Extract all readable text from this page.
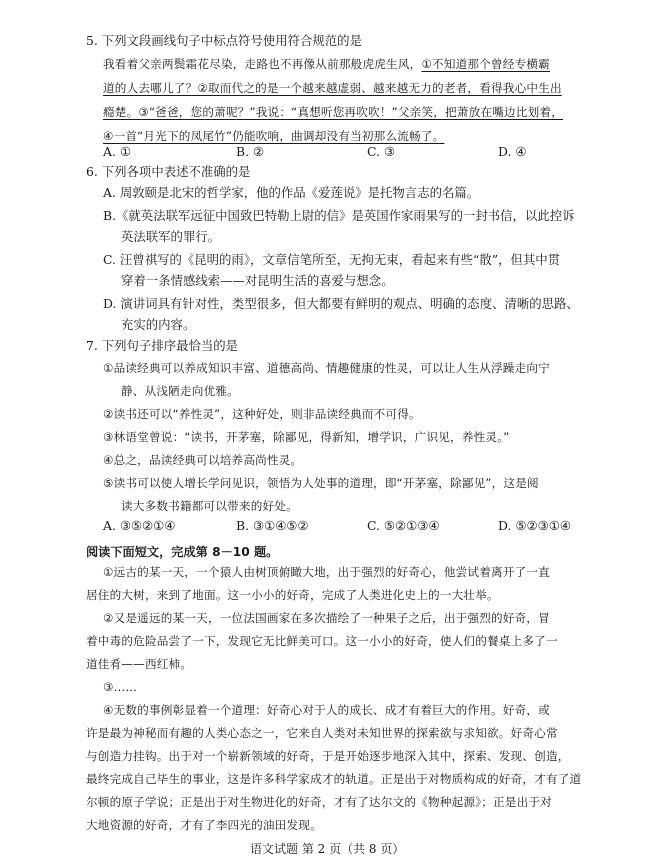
5. 下列文段画线句子中标点符号使用符合规范的是
我看着父亲两鬓霜花尽染，走路也不再像从前那般虎虎生风，①不知道那个曾经专横霸
道的人去哪儿了？②取而代之的是一个越来越虚弱、越来越无力的老者，看得我心中生出
瘾楚。③“爸爸，您的萧呢？”我说：“真想听您再吹吹！”父亲笑，把萧放在嘴边比划着，
④一首“月光下的凤尾竹”仍能吹响，曲调却没有当初那么流畅了。
A. ①	B. ②	C. ③	D. ④
6. 下列各项中表述不准确的是
A. 周敦颐是北宋的哲学家，他的作品《爱莲说》是托物言志的名篇。
B.《就英法联军远征中国致巴特勒上尉的信》是英国作家雨果写的一封书信，以此控诉
英法联军的罪行。
C. 汪曾祺写的《昆明的雨》，文章信笔所至，无拘无束，看起来有些“散”，但其中贯
穿着一条情感线索——对昆明生活的喜爱与想念。
D. 演讲词具有针对性，类型很多，但大都要有鲜明的观点、明确的态度、清晰的思路、
充实的内容。
7. 下列句子排序最恰当的是
①品读经典可以养成知识丰富、道德高尚、情趣健康的性灵，可以让人生从浮躁走向宁
静、从浅陋走向优雅。
②读书还可以“养性灵”，这种好处，则非品读经典而不可得。
③林语堂曾说：“读书，开茅塞，除鄙见，得新知，增学识，广识见，养性灵。”
④总之，品读经典可以培养高尚性灵。
⑤读书可以使人增长学问见识，领悟为人处事的道理，即“开茅塞，除鄙见”，这是阅
读大多数书籍都可以带来的好处。
A. ③⑤②①④	B. ③①④⑤②	C. ⑤②①③④	D. ⑤②③①④
阅读下面短文，完成第 8－10 题。
①远古的某一天，一个猿人由树顶俯瞰大地，出于强烈的好奇心，他尝试着离开了一直
居住的大树，来到了地面。这一小小的好奇，完成了人类进化史上的一大壮举。
②又是遥远的某一天，一位法国画家在多次描绘了一种果子之后，出于强烈的好奇，冒
着中毒的危险品尝了一下，发现它无比鲜美可口。这一小小的好奇，使人们的餐桌上多了一
道佳肴——西红柿。
③……
④无数的事例彰显着一个道理：好奇心对于人的成长、成才有着巨大的作用。好奇，或
许是最为神秘而有趣的人类心态之一，它来自人类对未知世界的探索欲与求知欲。好奇心常
与创造力挂钩。出于对一个崭新领域的好奇，于是开始逐步地深入其中，探索、发现、创造，
最终完成自己毕生的事业，这是许多科学家成才的轨道。正是出于对物质构成的好奇，才有了道
尔顿的原子学说；正是出于对生物进化的好奇，才有了达尔文的《物种起源》；正是出于对
大地资源的好奇，才有了李四光的油田发现。
语文试题 第 2 页（共 8 页）
